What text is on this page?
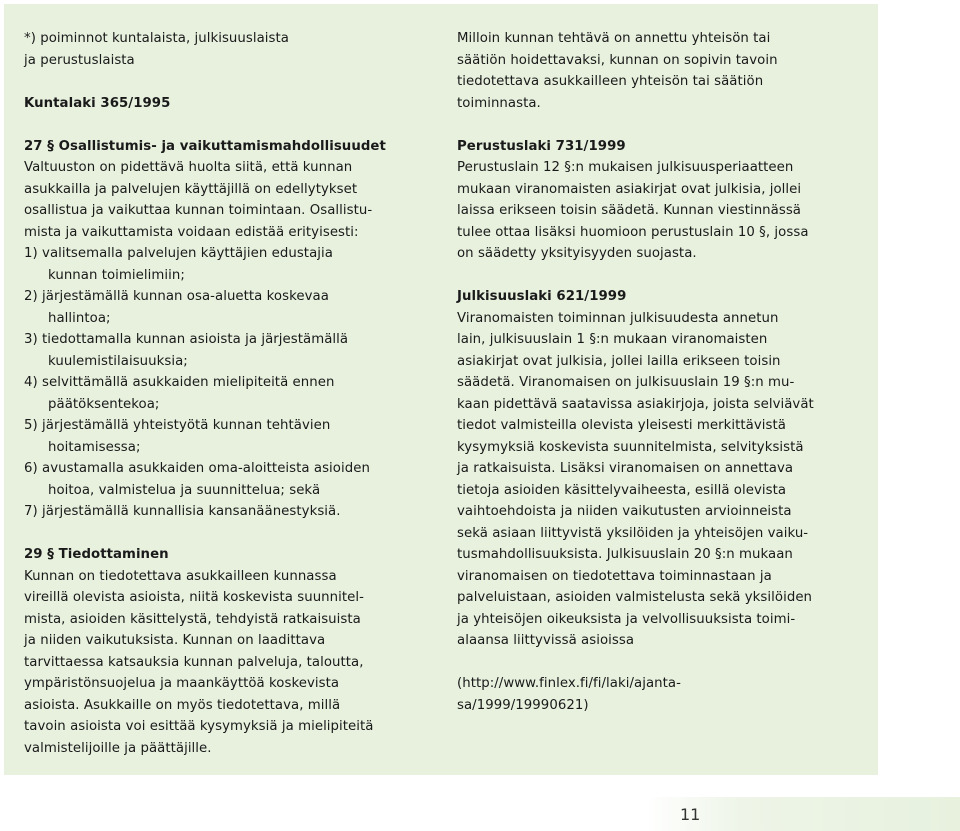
*) poiminnot kuntalaista, julkisuuslaista

ja perustuslaista

Kuntalaki 365/1995

27 § Osallistumis- ja vaikuttamismahdollisuudet

Valtuuston on pidettävä huolta siitä, että kunnan

asukkailla ja palvelujen käyttäjillä on edellytykset

osallistua ja vaikuttaa kunnan toimintaan. Osallistu-

mista ja vaikuttamista voidaan edistää erityisesti:

1) valitsemalla palvelujen käyttäjien edustajia

kunnan toimielimiin;

2) järjestämällä kunnan osa-aluetta koskevaa

hallintoa;

3) tiedottamalla kunnan asioista ja järjestämällä

kuulemistilaisuuksia;

4) selvittämällä asukkaiden mielipiteitä ennen

päätöksentekoa;

5) järjestämällä yhteistyötä kunnan tehtävien

hoitamisessa;

6) avustamalla asukkaiden oma-aloitteista asioiden

hoitoa, valmistelua ja suunnittelua; sekä

7) järjestämällä kunnallisia kansanäänestyksiä.

29 § Tiedottaminen

Kunnan on tiedotettava asukkailleen kunnassa

vireillä olevista asioista, niitä koskevista suunnitel-

mista, asioiden käsittelystä, tehdyistä ratkaisuista

ja niiden vaikutuksista. Kunnan on laadittava

tarvittaessa katsauksia kunnan palveluja, taloutta,

ympäristönsuojelua ja maankäyttöä koskevista

asioista. Asukkaille on myös tiedotettava, millä

tavoin asioista voi esittää kysymyksiä ja mielipiteitä

valmistelijoille ja päättäjille.

Milloin kunnan tehtävä on annettu yhteisön tai

säätiön hoidettavaksi, kunnan on sopivin tavoin

tiedotettava asukkailleen yhteisön tai säätiön

toiminnasta.

Perustuslaki 731/1999

Perustuslain 12 §:n mukaisen julkisuusperiaatteen

mukaan viranomaisten asiakirjat ovat julkisia, jollei

laissa erikseen toisin säädetä. Kunnan viestinnässä

tulee ottaa lisäksi huomioon perustuslain 10 §, jossa

on säädetty yksityisyyden suojasta.

Julkisuuslaki 621/1999

Viranomaisten toiminnan julkisuudesta annetun

lain, julkisuuslain 1 §:n mukaan viranomaisten

asiakirjat ovat julkisia, jollei lailla erikseen toisin

säädetä. Viranomaisen on julkisuuslain 19 §:n mu-

kaan pidettävä saatavissa asiakirjoja, joista selviävät

tiedot valmisteilla olevista yleisesti merkittävistä

kysymyksiä koskevista suunnitelmista, selvityksistä

ja ratkaisuista. Lisäksi viranomaisen on annettava

tietoja asioiden käsittelyvaiheesta, esillä olevista

vaihtoehdoista ja niiden vaikutusten arvioinneista

sekä asiaan liittyvistä yksilöiden ja yhteisöjen vaiku-

tusmahdollisuuksista. Julkisuuslain 20 §:n mukaan

viranomaisen on tiedotettava toiminnastaan ja

palveluistaan, asioiden valmistelusta sekä yksilöiden

ja yhteisöjen oikeuksista ja velvollisuuksista toimi-

alaansa liittyvissä asioissa

(http://www.finlex.fi/fi/laki/ajanta-

sa/1999/19990621)

11
